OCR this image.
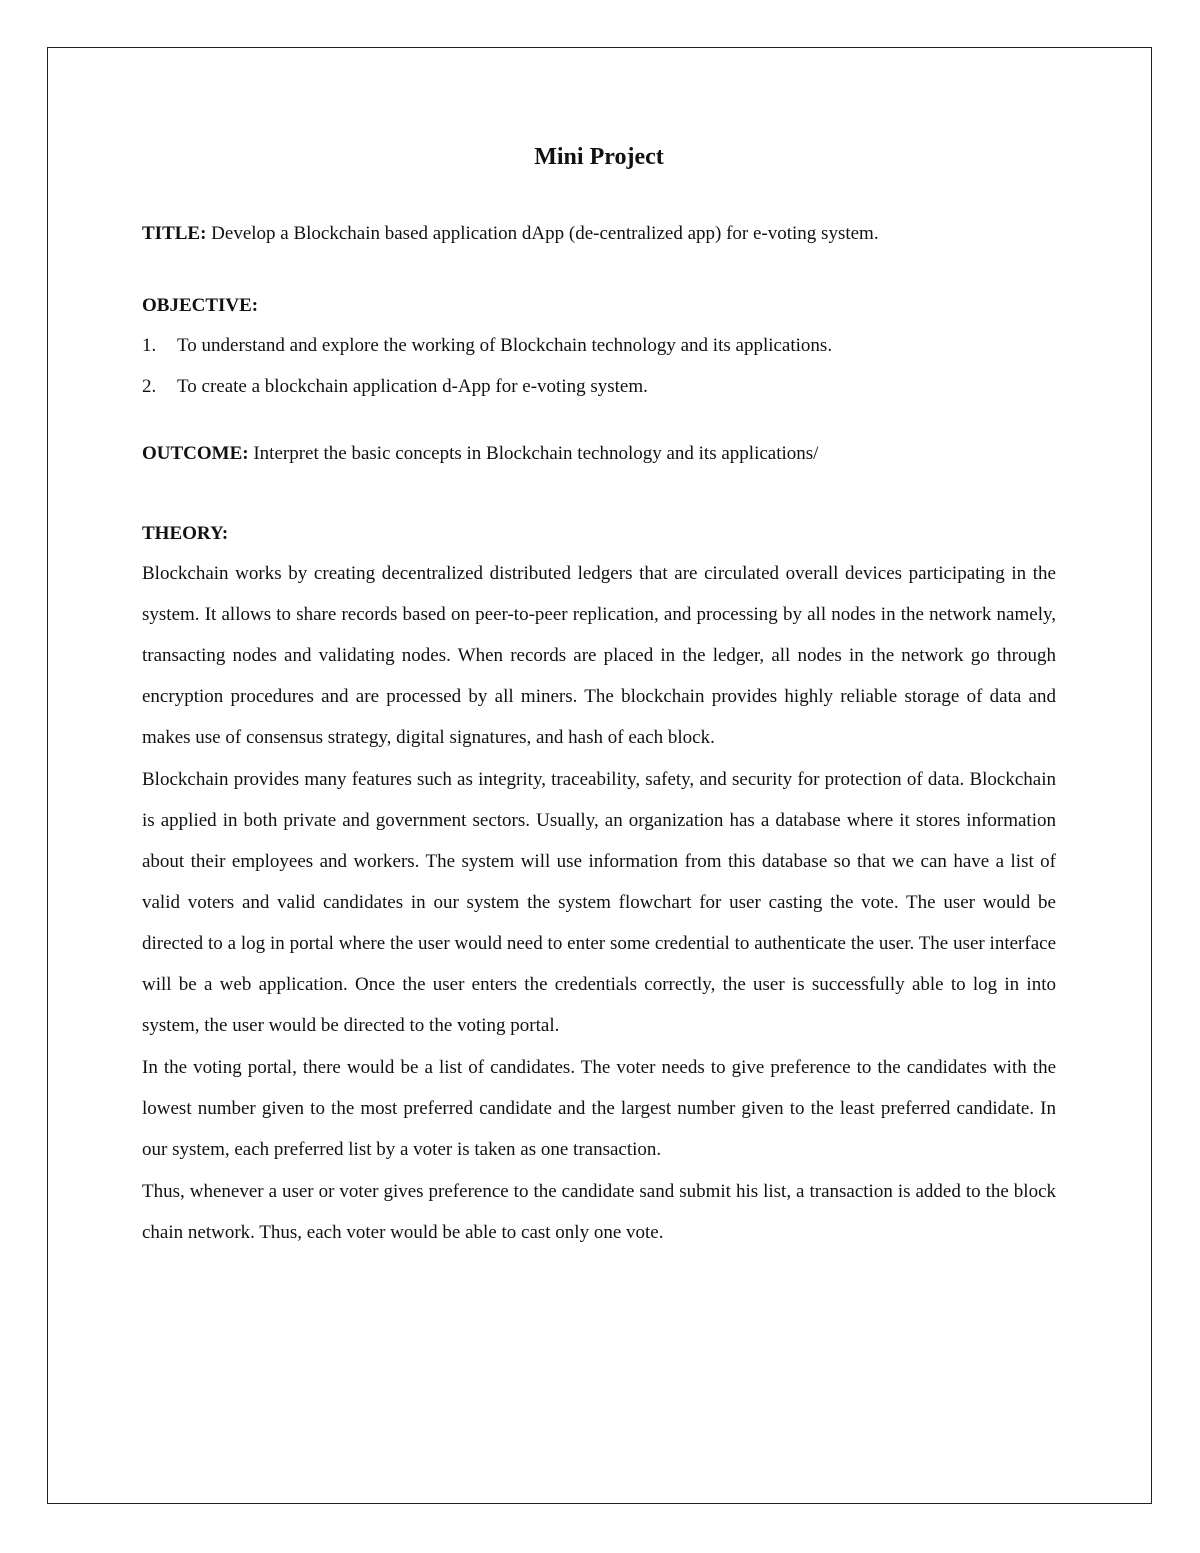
Mini Project

TITLE: Develop a Blockchain based application dApp (de-centralized app) for e-voting system.

OBJECTIVE:
1.	To understand and explore the working of Blockchain technology and its applications.
2.	To create a blockchain application d-App for e-voting system.

OUTCOME: Interpret the basic concepts in Blockchain technology and its applications/

THEORY:

Blockchain works by creating decentralized distributed ledgers that are circulated overall devices participating in the system. It allows to share records based on peer-to-peer replication, and processing by all nodes in the network namely, transacting nodes and validating nodes. When records are placed in the ledger, all nodes in the network go through encryption procedures and are processed by all miners. The blockchain provides highly reliable storage of data and makes use of consensus strategy, digital signatures, and hash of each block.

Blockchain provides many features such as integrity, traceability, safety, and security for protection of data. Blockchain is applied in both private and government sectors. Usually, an organization has a database where it stores information about their employees and workers. The system will use information from this database so that we can have a list of valid voters and valid candidates in our system the system flowchart for user casting the vote. The user would be directed to a log in portal where the user would need to enter some credential to authenticate the user. The user interface will be a web application. Once the user enters the credentials correctly, the user is successfully able to log in into system, the user would be directed to the voting portal.

In the voting portal, there would be a list of candidates. The voter needs to give preference to the candidates with the lowest number given to the most preferred candidate and the largest number given to the least preferred candidate. In our system, each preferred list by a voter is taken as one transaction.

Thus, whenever a user or voter gives preference to the candidate sand submit his list, a transaction is added to the block chain network. Thus, each voter would be able to cast only one vote.
